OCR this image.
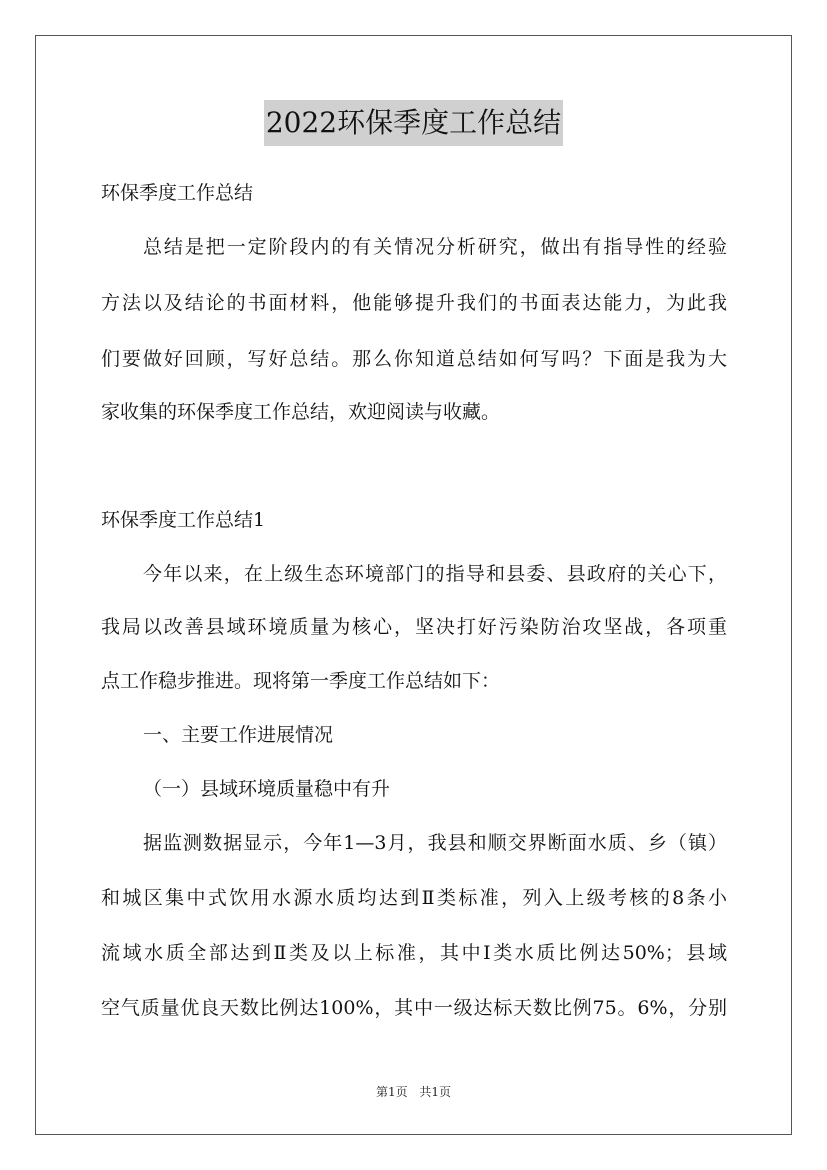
2022环保季度工作总结
环保季度工作总结
总结是把一定阶段内的有关情况分析研究，做出有指导性的经验
方法以及结论的书面材料，他能够提升我们的书面表达能力，为此我
们要做好回顾，写好总结。那么你知道总结如何写吗？下面是我为大
家收集的环保季度工作总结，欢迎阅读与收藏。
环保季度工作总结1
今年以来，在上级生态环境部门的指导和县委、县政府的关心下，
我局以改善县域环境质量为核心，坚决打好污染防治攻坚战，各项重
点工作稳步推进。现将第一季度工作总结如下：
一、主要工作进展情况
（一）县域环境质量稳中有升
据监测数据显示，今年1—3月，我县和顺交界断面水质、乡（镇）
和城区集中式饮用水源水质均达到Ⅱ类标准，列入上级考核的8条小
流域水质全部达到Ⅱ类及以上标准，其中Ⅰ类水质比例达50%；县域
空气质量优良天数比例达100%，其中一级达标天数比例75。6%，分别
第1页 共1页
